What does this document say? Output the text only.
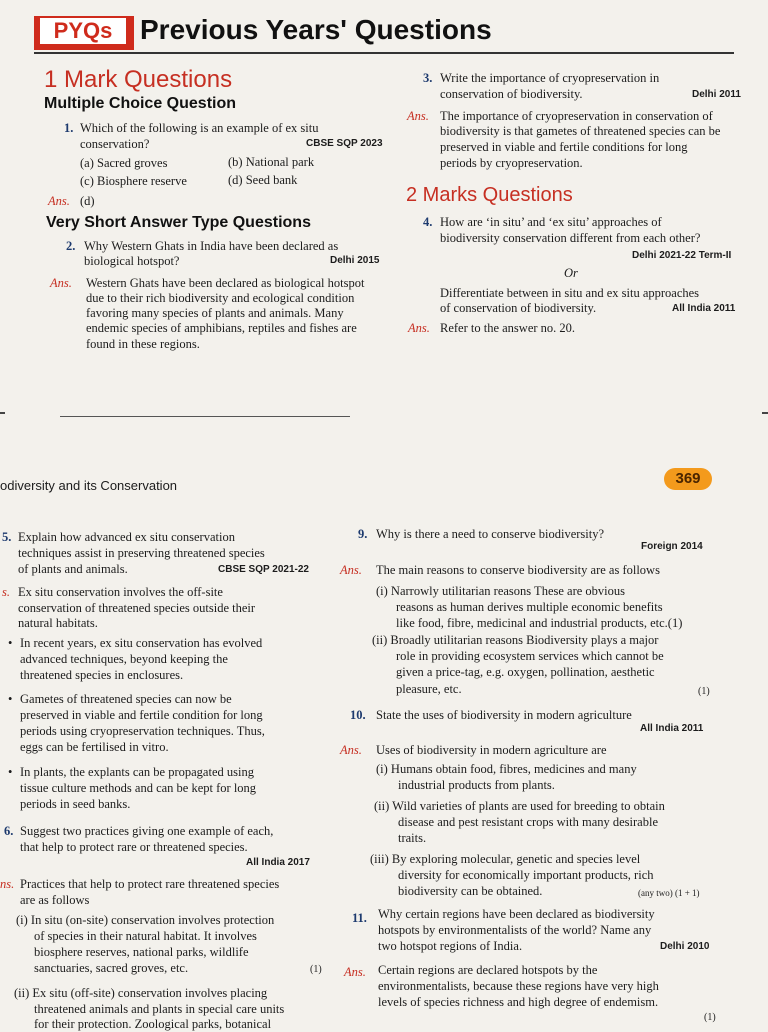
PYQs Previous Years' Questions
1 Mark Questions
Multiple Choice Question
1. Which of the following is an example of ex situ
conservation?	CBSE SQP 2023
(a) Sacred groves	(b) National park
(c) Biosphere reserve	(d) Seed bank
Ans. (d)
Very Short Answer Type Questions
2. Why Western Ghats in India have been declared as
biological hotspot?	Delhi 2015
Ans. Western Ghats have been declared as biological hotspot
due to their rich biodiversity and ecological condition
favoring many species of plants and animals. Many
endemic species of amphibians, reptiles and fishes are
found in these regions.
3. Write the importance of cryopreservation in
conservation of biodiversity.	Delhi 2011
Ans. The importance of cryopreservation in conservation of
biodiversity is that gametes of threatened species can be
preserved in viable and fertile conditions for long
periods by cryopreservation.
2 Marks Questions
4. How are ‘in situ’ and ‘ex situ’ approaches of
biodiversity conservation different from each other?
Delhi 2021-22 Term-II
Or
Differentiate between in situ and ex situ approaches
of conservation of biodiversity.	All India 2011
Ans. Refer to the answer no. 20.
odiversity and its Conservation	369
5. Explain how advanced ex situ conservation
techniques assist in preserving threatened species
of plants and animals.	CBSE SQP 2021-22
s. Ex situ conservation involves the off-site
conservation of threatened species outside their
natural habitats.
• In recent years, ex situ conservation has evolved
advanced techniques, beyond keeping the
threatened species in enclosures.
• Gametes of threatened species can now be
preserved in viable and fertile condition for long
periods using cryopreservation techniques. Thus,
eggs can be fertilised in vitro.
• In plants, the explants can be propagated using
tissue culture methods and can be kept for long
periods in seed banks.
6. Suggest two practices giving one example of each,
that help to protect rare or threatened species.
All India 2017
ns. Practices that help to protect rare threatened species
are as follows
(i) In situ (on-site) conservation involves protection
of species in their natural habitat. It involves
biosphere reserves, national parks, wildlife
sanctuaries, sacred groves, etc.	(1)
(ii) Ex situ (off-site) conservation involves placing
threatened animals and plants in special care units
for their protection. Zoological parks, botanical
9. Why is there a need to conserve biodiversity?
Foreign 2014
Ans. The main reasons to conserve biodiversity are as follows
(i) Narrowly utilitarian reasons These are obvious
reasons as human derives multiple economic benefits
like food, fibre, medicinal and industrial products, etc.(1)
(ii) Broadly utilitarian reasons Biodiversity plays a major
role in providing ecosystem services which cannot be
given a price-tag, e.g. oxygen, pollination, aesthetic
pleasure, etc.	(1)
10. State the uses of biodiversity in modern agriculture
All India 2011
Ans. Uses of biodiversity in modern agriculture are
(i) Humans obtain food, fibres, medicines and many
industrial products from plants.
(ii) Wild varieties of plants are used for breeding to obtain
disease and pest resistant crops with many desirable
traits.
(iii) By exploring molecular, genetic and species level
diversity for economically important products, rich
biodiversity can be obtained.	(any two) (1 + 1)
11. Why certain regions have been declared as biodiversity
hotspots by environmentalists of the world? Name any
two hotspot regions of India.	Delhi 2010
Ans. Certain regions are declared hotspots by the
environmentalists, because these regions have very high
levels of species richness and high degree of endemism.
(1)
